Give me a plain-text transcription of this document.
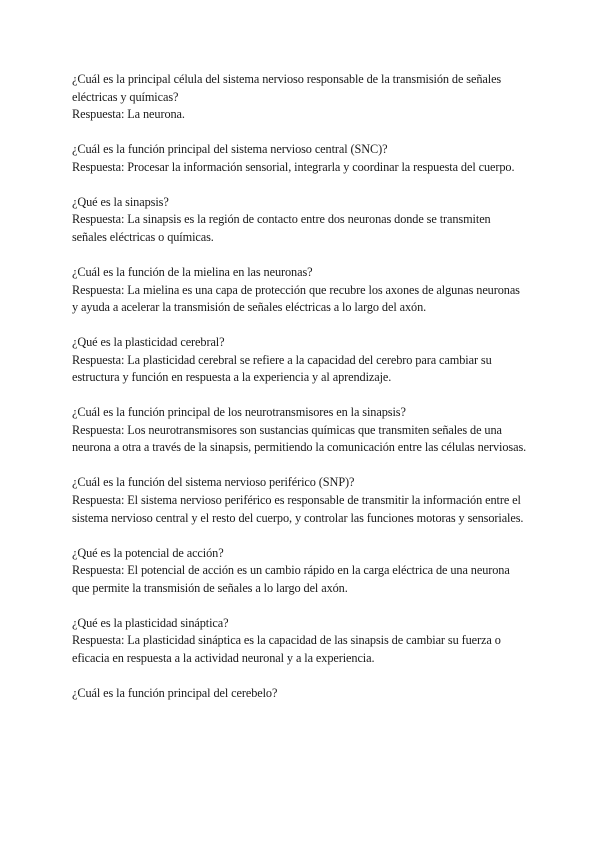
¿Cuál es la principal célula del sistema nervioso responsable de la transmisión de señales eléctricas y químicas?

Respuesta: La neurona.

¿Cuál es la función principal del sistema nervioso central (SNC)?

Respuesta: Procesar la información sensorial, integrarla y coordinar la respuesta del cuerpo.

¿Qué es la sinapsis?

Respuesta: La sinapsis es la región de contacto entre dos neuronas donde se transmiten señales eléctricas o químicas.

¿Cuál es la función de la mielina en las neuronas?

Respuesta: La mielina es una capa de protección que recubre los axones de algunas neuronas y ayuda a acelerar la transmisión de señales eléctricas a lo largo del axón.

¿Qué es la plasticidad cerebral?

Respuesta: La plasticidad cerebral se refiere a la capacidad del cerebro para cambiar su estructura y función en respuesta a la experiencia y al aprendizaje.

¿Cuál es la función principal de los neurotransmisores en la sinapsis?

Respuesta: Los neurotransmisores son sustancias químicas que transmiten señales de una neurona a otra a través de la sinapsis, permitiendo la comunicación entre las células nerviosas.

¿Cuál es la función del sistema nervioso periférico (SNP)?

Respuesta: El sistema nervioso periférico es responsable de transmitir la información entre el sistema nervioso central y el resto del cuerpo, y controlar las funciones motoras y sensoriales.

¿Qué es la potencial de acción?

Respuesta: El potencial de acción es un cambio rápido en la carga eléctrica de una neurona que permite la transmisión de señales a lo largo del axón.

¿Qué es la plasticidad sináptica?

Respuesta: La plasticidad sináptica es la capacidad de las sinapsis de cambiar su fuerza o eficacia en respuesta a la actividad neuronal y a la experiencia.

¿Cuál es la función principal del cerebelo?
